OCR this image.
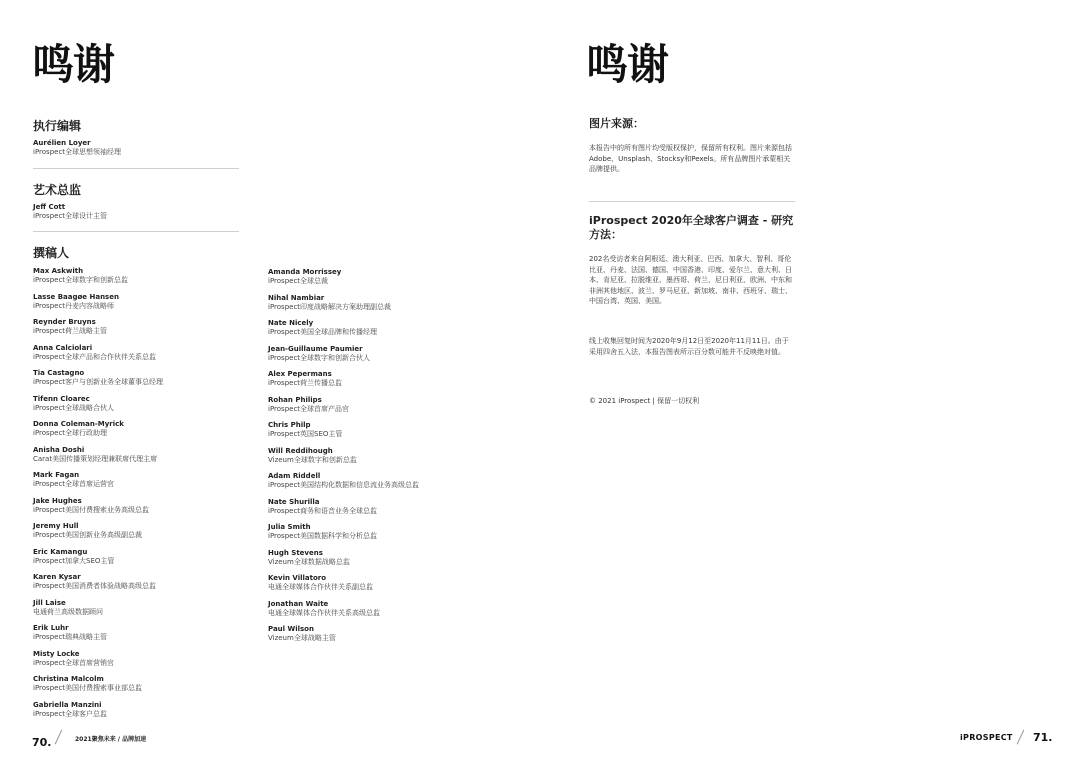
鸣谢
执行编辑
Aurélien Loyer
iProspect全球思想领袖经理
艺术总监
Jeff Cott
iProspect全球设计主管
撰稿人
Max Askwith
iProspect全球数字和创新总监
Lasse Baagøe Hansen
iProspect丹麦内容战略师
Reynder Bruyns
iProspect荷兰战略主管
Anna Calciolari
iProspect全球产品和合作伙伴关系总监
Tia Castagno
iProspect客户与创新业务全球董事总经理
Tifenn Cloarec
iProspect全球战略合伙人
Donna Coleman-Myrick
iProspect全球行政助理
Anisha Doshi
Carat美国传播策划经理兼联席代理主席
Mark Fagan
iProspect全球首席运营官
Jake Hughes
iProspect美国付费搜索业务高级总监
Jeremy Hull
iProspect美国创新业务高级副总裁
Eric Kamangu
iProspect加拿大SEO主管
Karen Kysar
iProspect美国消费者体验战略高级总监
Jill Laise
电通荷兰高级数据顾问
Erik Luhr
iProspect瑞典战略主管
Misty Locke
iProspect全球首席营销官
Christina Malcolm
iProspect美国付费搜索事业部总监
Gabriella Manzini
iProspect全球客户总监
Amanda Morrissey
iProspect全球总裁
Nihal Nambiar
iProspect印度战略解决方案助理副总裁
Nate Nicely
iProspect美国全球品牌和传播经理
Jean-Guillaume Paumier
iProspect全球数字和创新合伙人
Alex Pepermans
iProspect荷兰传播总监
Rohan Philips
iProspect全球首席产品官
Chris Philp
iProspect英国SEO主管
Will Reddihough
Vizeum全球数字和创新总监
Adam Riddell
iProspect美国结构化数据和信息流业务高级总监
Nate Shurilla
iProspect商务和语音业务全球总监
Julia Smith
iProspect美国数据科学和分析总监
Hugh Stevens
Vizeum全球数据战略总监
Kevin Villatoro
电通全球媒体合作伙伴关系副总监
Jonathan Waite
电通全球媒体合作伙伴关系高级总监
Paul Wilson
Vizeum全球战略主管
70.	2021聚焦未来 / 品牌加速
鸣谢
图片来源：

本报告中的所有图片均受版权保护，保留所有权利。图片来源包括Adobe、Unsplash、Stocksy和Pexels。所有品牌图片承蒙相关品牌提供。

iProspect 2020年全球客户调查 - 研究方法：

202名受访者来自阿根廷、澳大利亚、巴西、加拿大、智利、哥伦比亚、丹麦、法国、德国、中国香港、印度、爱尔兰、意大利、日本、肯尼亚、拉脱维亚、墨西哥、荷兰、尼日利亚、欧洲、中东和非洲其他地区、波兰、罗马尼亚、新加坡、南非、西班牙、瑞士、中国台湾、英国、美国。

线上收集回复时间为2020年9月12日至2020年11月11日。由于采用四舍五入法，本报告图表所示百分数可能并不反映绝对值。

© 2021 iProspect | 保留一切权利

iPROSPECT 71.
